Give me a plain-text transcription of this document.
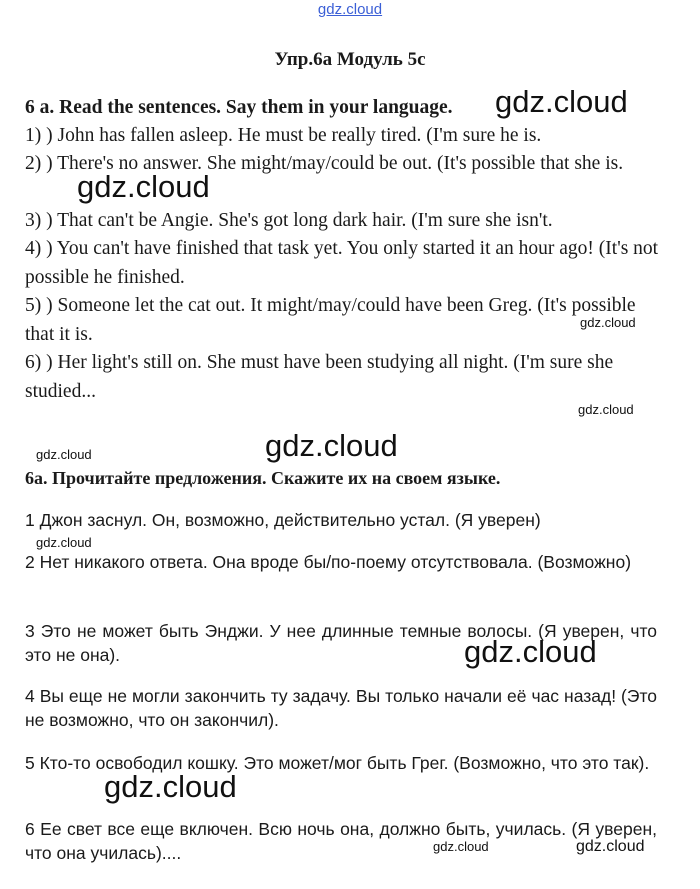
gdz.cloud
Упр.6а Модуль 5с

6 a. Read the sentences. Say them in your language.

1) ) John has fallen asleep. He must be really tired. (I'm sure he is.

2) ) There's no answer. She might/may/could be out. (It's possible that she is.

3) ) That can't be Angie. She's got long dark hair. (I'm sure she isn't.

4) ) You can't have finished that task yet. You only started it an hour ago! (It's not possible he finished.

5) ) Someone let the cat out. It might/may/could have been Greg. (It's possible that it is.

6) ) Her light's still on. She must have been studying all night. (I'm sure she studied...

6а. Прочитайте предложения. Скажите их на своем языке.

1 Джон заснул. Он, возможно, действительно устал. (Я уверен)

2 Нет никакого ответа. Она вроде бы/по-поему отсутствовала. (Возможно)

3 Это не может быть Энджи. У нее длинные темные волосы. (Я уверен, что это не она).

4 Вы еще не могли закончить ту задачу. Вы только начали её час назад! (Это не возможно, что он закончил).

5 Кто-то освободил кошку. Это может/мог быть Грег. (Возможно, что это так).

6 Ее свет все еще включен. Всю ночь она, должно быть, училась. (Я уверен, что она училась)....

gdz.cloud
gdz.cloud
gdz.cloud
gdz.cloud
gdz.cloud
gdz.cloud
gdz.cloud
gdz.cloud
gdz.cloud
gdz.cloud	gdz.cloud
